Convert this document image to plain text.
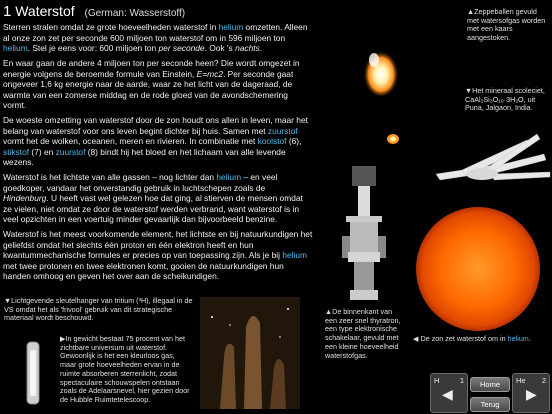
1 Waterstof (German: Wasserstoff)

Sterren stralen omdat ze grote hoeveelheden waterstof in helium omzetten. Alleen al onze zon zet per seconde 600 miljoen ton waterstof om in 596 miljoen ton helium. Stel je eens voor: 600 miljoen ton per seconde. Ook 's nachts.

En waar gaan de andere 4 miljoen ton per seconde heen? Die wordt omgezet in energie volgens de beroemde formule van Einstein, E=mc2. Per seconde gaat ongeveer 1,6 kg energie naar de aarde, waar ze het licht van de dageraad, de warmte van een zomerse middag en de rode gloed van de avondschemering vormt.

De woeste omzetting van waterstof door de zon houdt ons allen in leven, maar het belang van waterstof voor ons leven begint dichter bij huis. Samen met zuurstof vormt het de wolken, oceanen, meren en rivieren. In combinatie met koolstof (6), stikstof (7) en zuurstof (8) bindt hij het bloed en het lichaam van alle levende wezens.

Waterstof is het lichtste van alle gassen – nog lichter dan helium – en veel goedkoper, vandaar het onverstandig gebruik in luchtschepen zoals de Hindenburg. U heeft vast wel gelezen hoe dat ging, al stierven de mensen omdat ze vielen, niet omdat ze door de waterstof werden verbrand, want waterstof is in veel opzichten in een voertuig minder gevaarlijk dan bijvoorbeeld benzine.

Waterstof is het meest voorkomende element, het lichtste en bij natuurkundigen het geliefdst omdat het slechts één proton en één elektron heeft en hun kwantummechanische formules er precies op van toepassing zijn. Als je bij helium met twee protonen en twee elektronen komt, gooien de natuurkundigen hun handen omhoog en geven het over aan de scheikundigen.

▲Zeppeballen gevuld met watersofgas worden met een kaars aangestoken.
▼Het mineraal scoleciet, CaAl₂Si₃O₁₀·3H₂O, uit Puna, Jalgaon, India.
▲De binnenkant van een zeer snel thyratron, een type elektronische schakelaar, gevuld met een kleine hoeveelheid waterstofgas.
◀ De zon zet waterstof om in helium.
▼Lichtgevende sleutelhanger van tritium (³H), illegaal in de VS omdat het als 'frivool' gebruik van dit strategische materiaal wordt beschouwd.
▶In gewicht bestaat 75 procent van het zichtbare universum uit waterstof. Gewoonlijk is het een kleurloos gas, maar grote hoeveelheden ervan in de ruimte absorberen sterrenlicht, zodat spectaculaire schouwspelen ontstaan zoals de Adelaarsnevel, hier gezien door de Hubble Ruimtetelescoop.
H	1
◀
Home
Terug
He 2
▶
